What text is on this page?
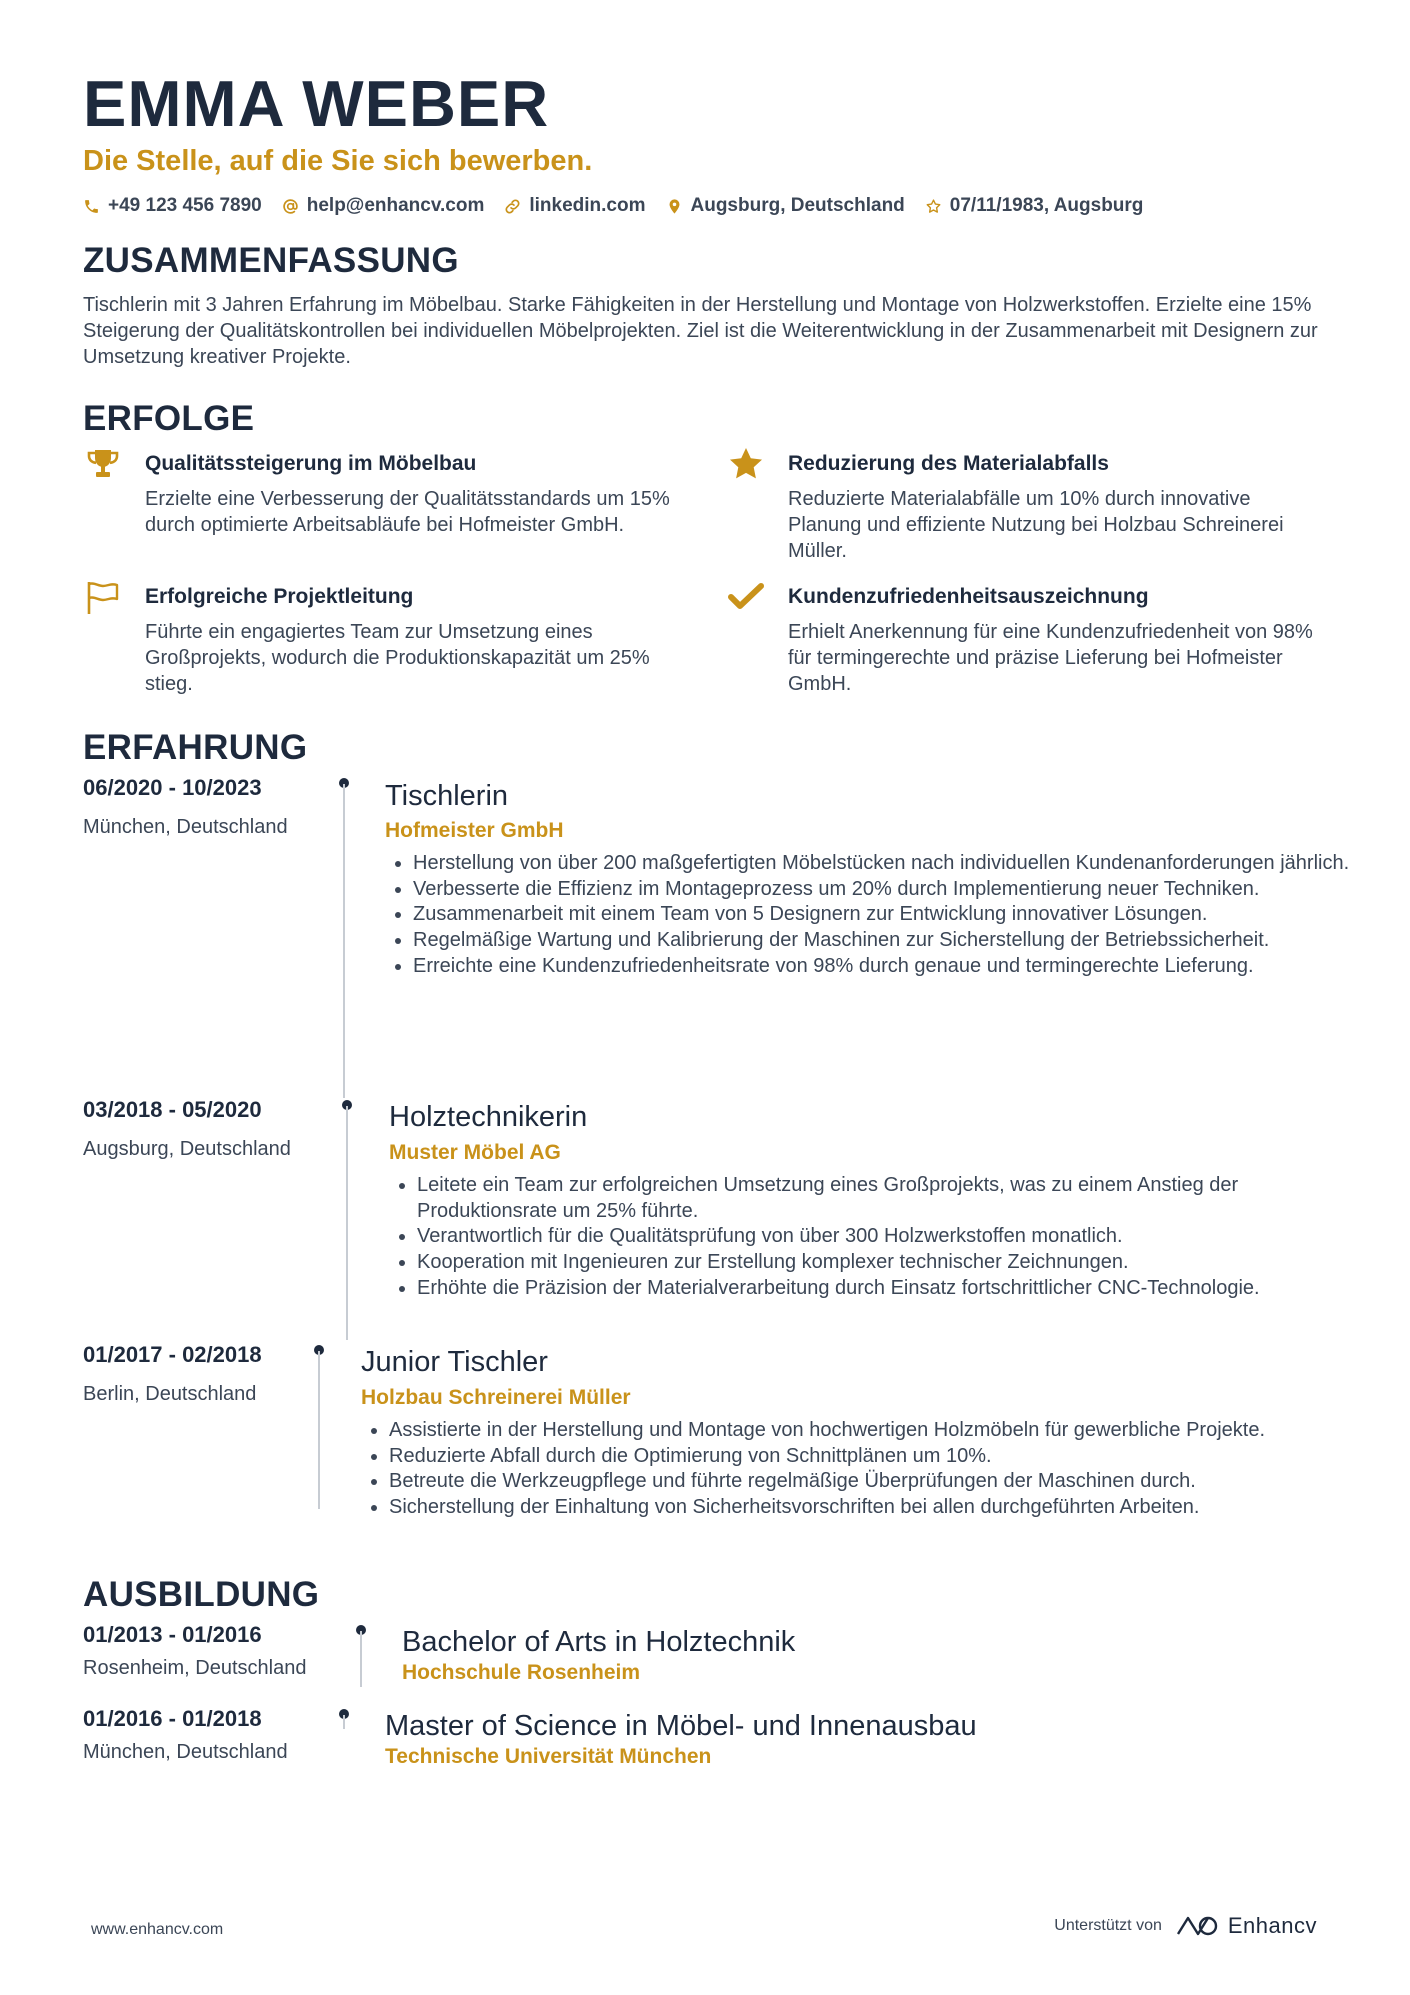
EMMA WEBER
Die Stelle, auf die Sie sich bewerben.
+49 123 456 7890 help@enhancv.com linkedin.com Augsburg, Deutschland 07/11/1983, Augsburg
ZUSAMMENFASSUNG
Tischlerin mit 3 Jahren Erfahrung im Möbelbau. Starke Fähigkeiten in der Herstellung und Montage von Holzwerkstoffen. Erzielte eine 15% Steigerung der Qualitätskontrollen bei individuellen Möbelprojekten. Ziel ist die Weiterentwicklung in der Zusammenarbeit mit Designern zur Umsetzung kreativer Projekte.
ERFOLGE
Qualitätssteigerung im Möbelbau
Erzielte eine Verbesserung der Qualitätsstandards um 15% durch optimierte Arbeitsabläufe bei Hofmeister GmbH.
Reduzierung des Materialabfalls
Reduzierte Materialabfälle um 10% durch innovative Planung und effiziente Nutzung bei Holzbau Schreinerei Müller.
Erfolgreiche Projektleitung
Führte ein engagiertes Team zur Umsetzung eines Großprojekts, wodurch die Produktionskapazität um 25% stieg.
Kundenzufriedenheitsauszeichnung
Erhielt Anerkennung für eine Kundenzufriedenheit von 98% für termingerechte und präzise Lieferung bei Hofmeister GmbH.
ERFAHRUNG
06/2020 - 10/2023
München, Deutschland
Tischlerin
Hofmeister GmbH
• Herstellung von über 200 maßgefertigten Möbelstücken nach individuellen Kundenanforderungen jährlich.
• Verbesserte die Effizienz im Montageprozess um 20% durch Implementierung neuer Techniken.
• Zusammenarbeit mit einem Team von 5 Designern zur Entwicklung innovativer Lösungen.
• Regelmäßige Wartung und Kalibrierung der Maschinen zur Sicherstellung der Betriebssicherheit.
• Erreichte eine Kundenzufriedenheitsrate von 98% durch genaue und termingerechte Lieferung.
03/2018 - 05/2020
Augsburg, Deutschland
Holztechnikerin
Muster Möbel AG
• Leitete ein Team zur erfolgreichen Umsetzung eines Großprojekts, was zu einem Anstieg der Produktionsrate um 25% führte.
• Verantwortlich für die Qualitätsprüfung von über 300 Holzwerkstoffen monatlich.
• Kooperation mit Ingenieuren zur Erstellung komplexer technischer Zeichnungen.
• Erhöhte die Präzision der Materialverarbeitung durch Einsatz fortschrittlicher CNC-Technologie.
01/2017 - 02/2018
Berlin, Deutschland
Junior Tischler
Holzbau Schreinerei Müller
• Assistierte in der Herstellung und Montage von hochwertigen Holzmöbeln für gewerbliche Projekte.
• Reduzierte Abfall durch die Optimierung von Schnittplänen um 10%.
• Betreute die Werkzeugpflege und führte regelmäßige Überprüfungen der Maschinen durch.
• Sicherstellung der Einhaltung von Sicherheitsvorschriften bei allen durchgeführten Arbeiten.
AUSBILDUNG
01/2013 - 01/2016
Rosenheim, Deutschland
Bachelor of Arts in Holztechnik
Hochschule Rosenheim
01/2016 - 01/2018
München, Deutschland
Master of Science in Möbel- und Innenausbau
Technische Universität München
www.enhancv.com	Unterstützt von	Enhancv
